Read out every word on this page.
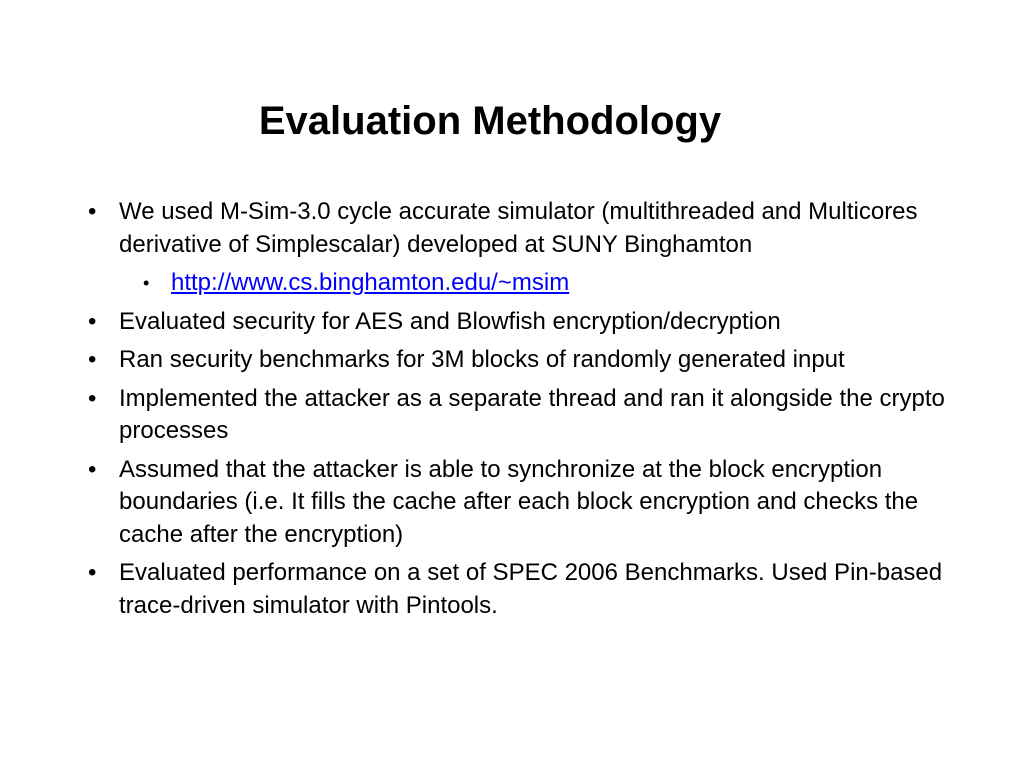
Evaluation Methodology
• We used M-Sim-3.0 cycle accurate simulator (multithreaded and Multicores derivative of Simplescalar) developed at SUNY Binghamton
• http://www.cs.binghamton.edu/~msim
• Evaluated security for AES and Blowfish encryption/decryption
• Ran security benchmarks for 3M blocks of randomly generated input
• Implemented the attacker as a separate thread and ran it alongside the crypto processes
• Assumed that the attacker is able to synchronize at the block encryption boundaries (i.e. It fills the cache after each block encryption and checks the cache after the encryption)
• Evaluated performance on a set of SPEC 2006 Benchmarks. Used Pin-based trace-driven simulator with Pintools.
